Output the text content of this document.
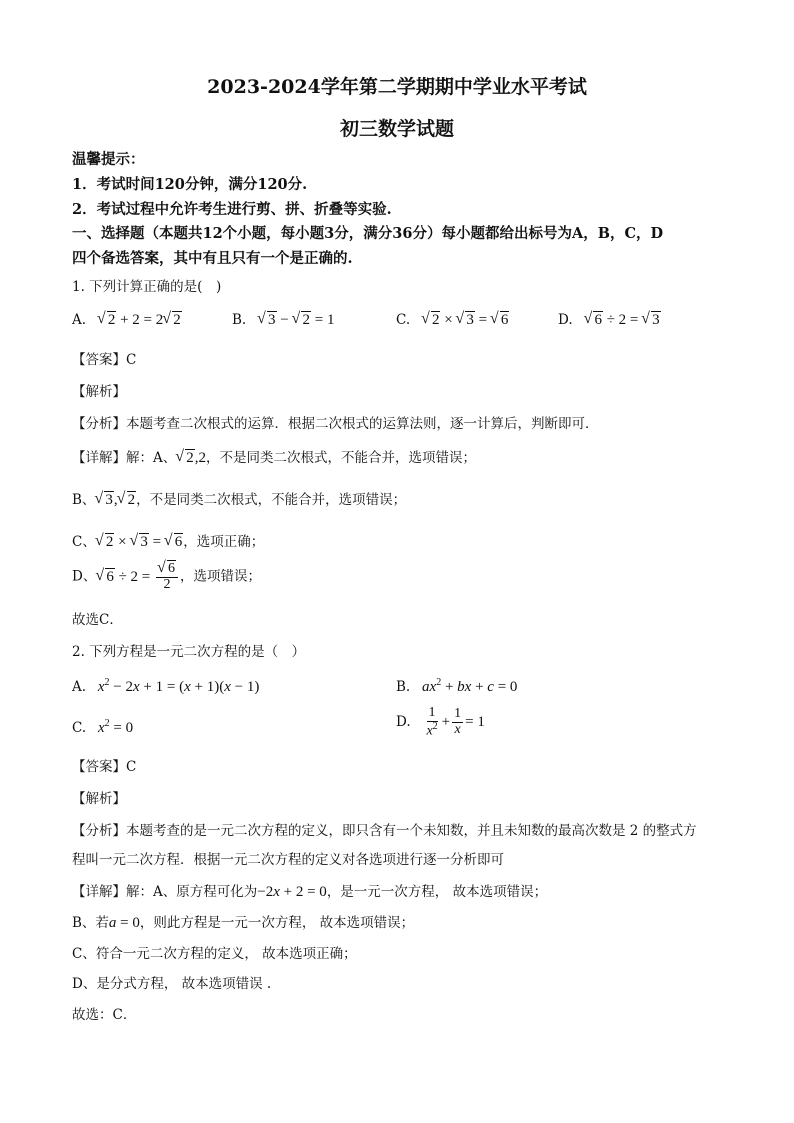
2023-2024学年第二学期期中学业水平考试
初三数学试题
温馨提示：
1．考试时间120分钟，满分120分.
2．考试过程中允许考生进行剪、拼、折叠等实验.
一、选择题（本题共12个小题，每小题3分，满分36分）每小题都给出标号为A，B，C，D
四个备选答案，其中有且只有一个是正确的.
1. 下列计算正确的是(　)
A. √ 2 + 2 = 2 √ 2	B. √ 3 − √ 2 = 1	C. √ 2 × √ 3 = √ 6	D. √ 6 ÷ 2 = √ 3
【答案】C
【解析】
【分析】本题考查二次根式的运算．根据二次根式的运算法则，逐一计算后，判断即可．
【详解】解：A、 √ 2,2，不是同类二次根式，不能合并，选项错误；
B、 √ 3, √ 2，不是同类二次根式，不能合并，选项错误；
C、 √ 2 × √ 3 = √ 6，选项正确；
D、 √ 6 ÷ 2 = √ $\frac{6}{2}$ ，选项错误；
故选C．
2. 下列方程是一元二次方程的是（　）
A. $x^2 - 2x + 1 = (x + 1)(x - 1)$	B. $ax^2$ + bx + c = 0
C. $x^2 = 0$	D. $\frac{1}{x^2} + \frac{1}{x} = 1$
【答案】C
【解析】
【分析】本题考查的是一元二次方程的定义，即只含有一个未知数，并且未知数的最高次数是 2 的整式方
程叫一元二次方程．根据一元二次方程的定义对各选项进行逐一分析即可
【详解】解：A、原方程可化为−2x + 2 = 0，是一元一次方程， 故本选项错误；
B、若a = 0，则此方程是一元一次方程， 故本选项错误；
C、符合一元二次方程的定义， 故本选项正确；
D、是分式方程， 故本选项错误 .
故选：C．
